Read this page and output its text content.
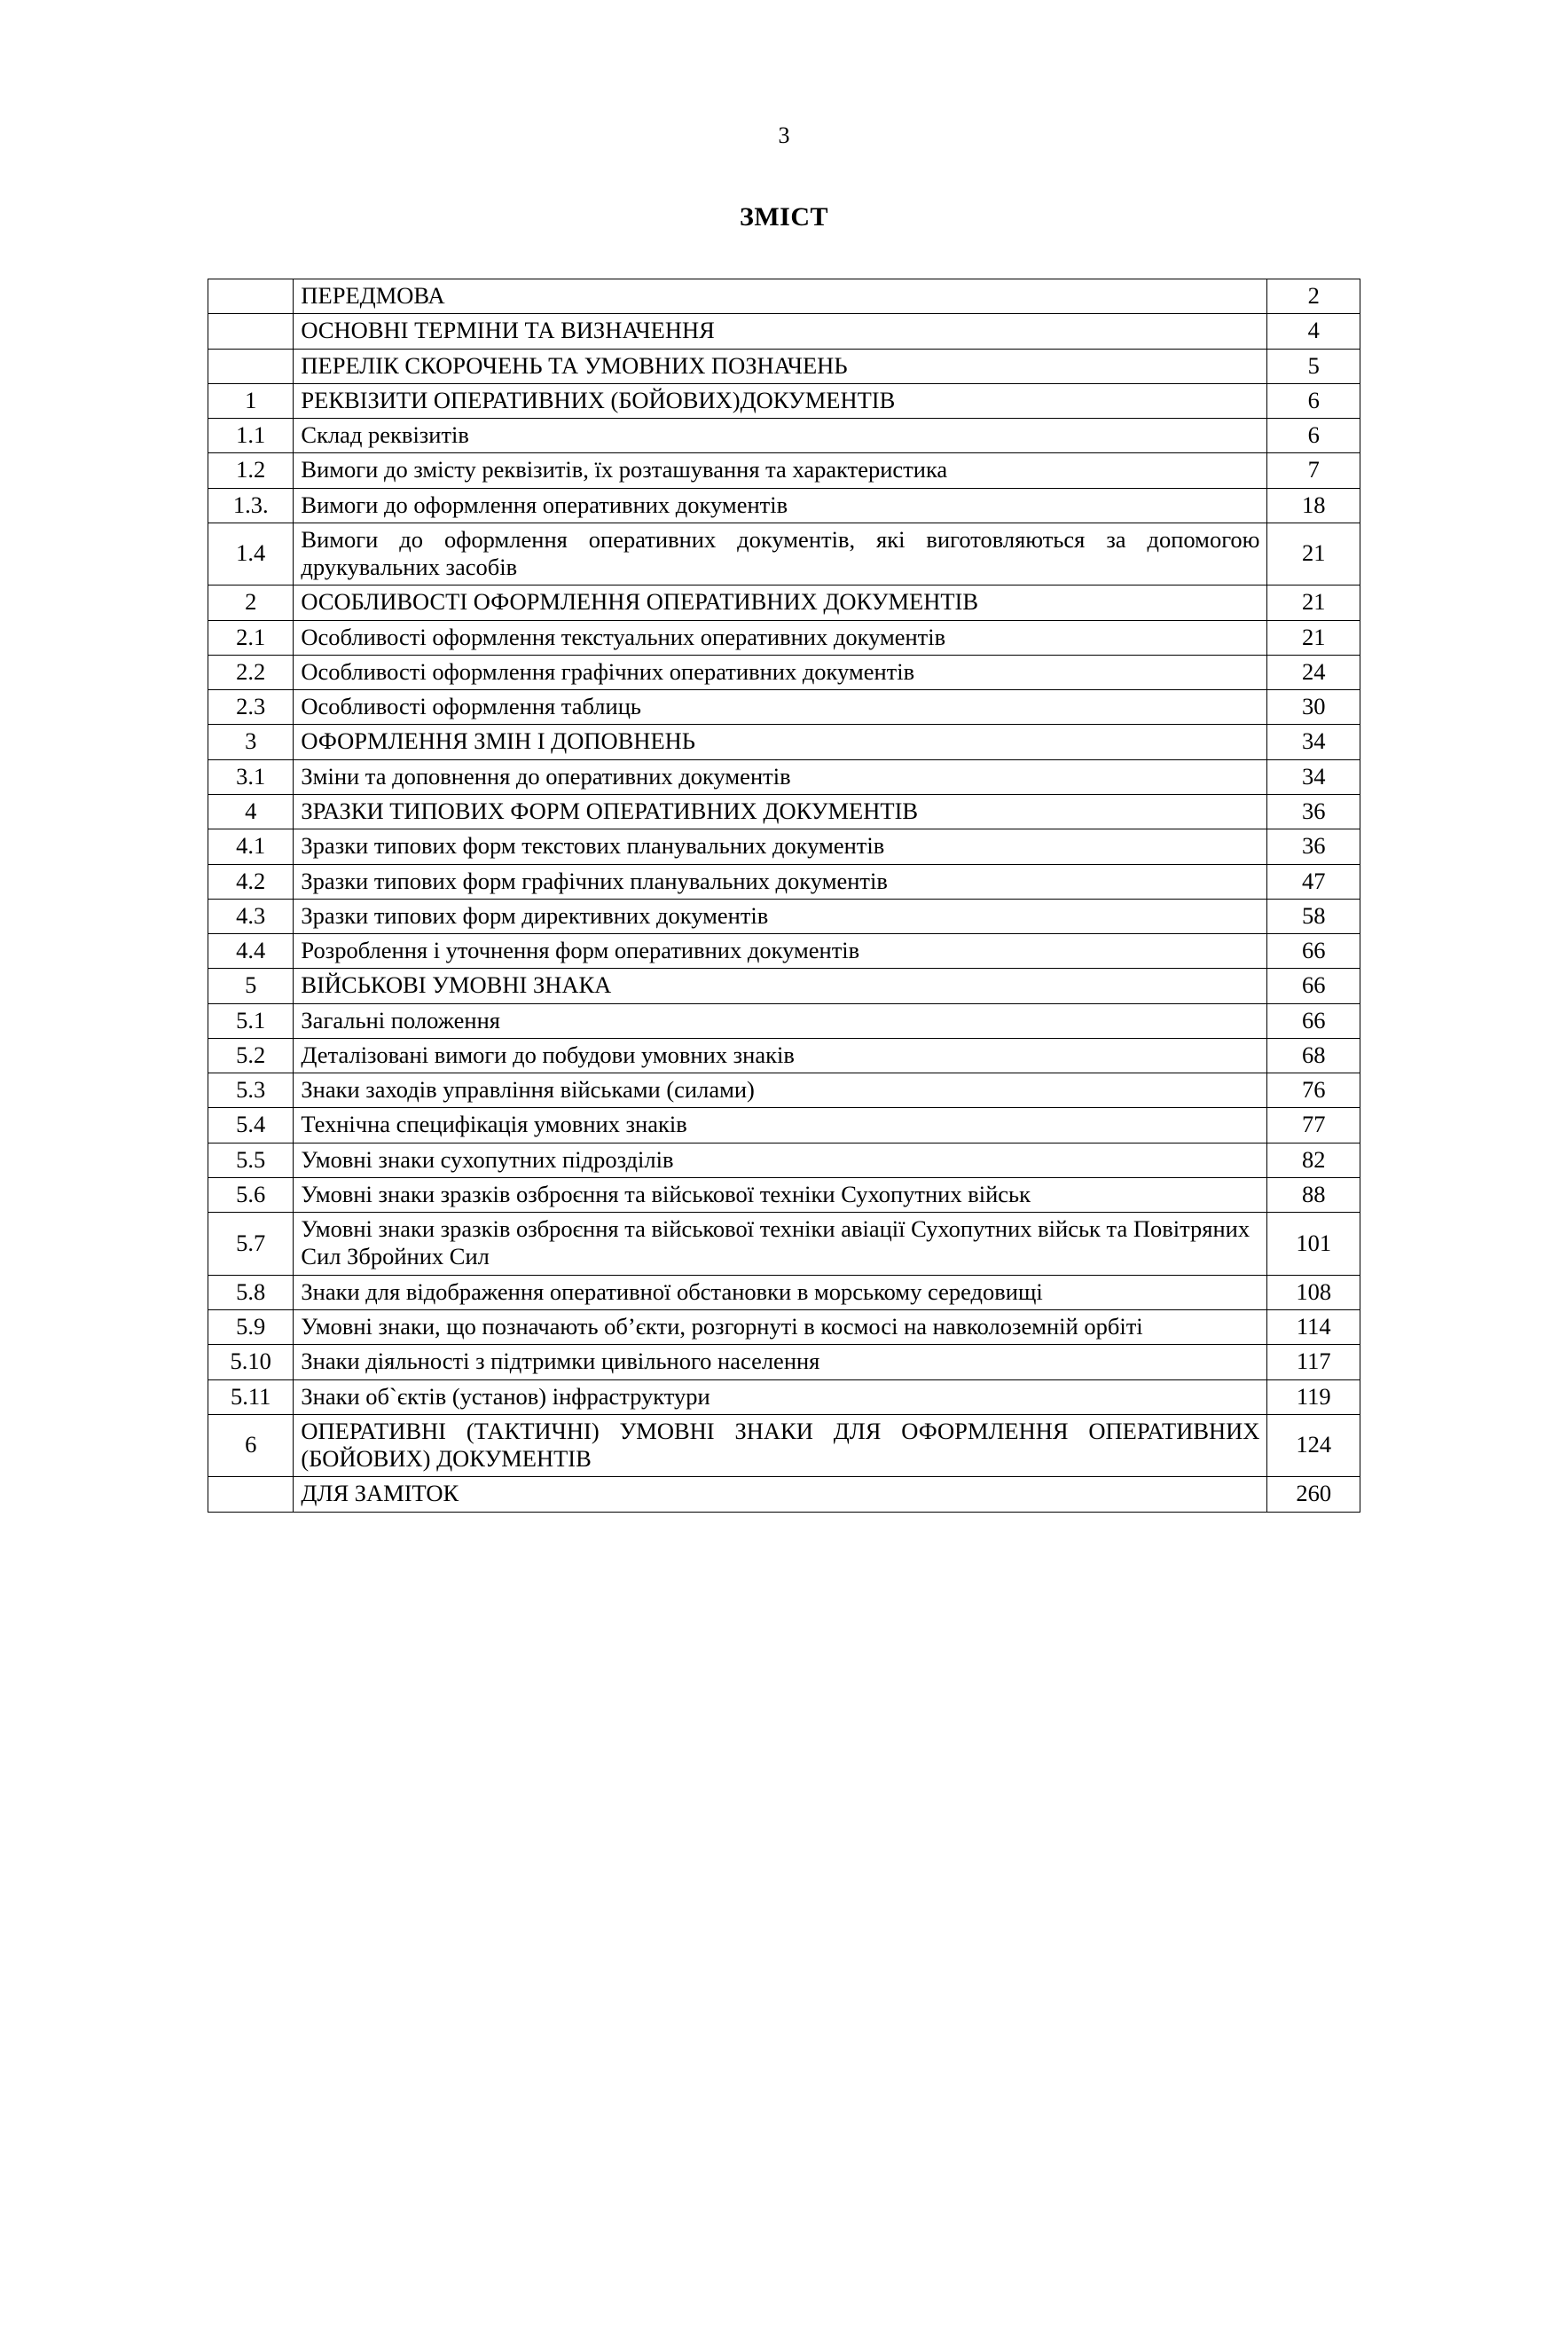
3
ЗМІСТ
	ПЕРЕДМОВА	2
	ОСНОВНІ ТЕРМІНИ ТА ВИЗНАЧЕННЯ	4
	ПЕРЕЛІК СКОРОЧЕНЬ ТА УМОВНИХ ПОЗНАЧЕНЬ	5
1	РЕКВІЗИТИ ОПЕРАТИВНИХ (БОЙОВИХ)ДОКУМЕНТІВ	6
1.1	Склад реквізитів	6
1.2	Вимоги до змісту реквізитів, їх розташування та характеристика	7
1.3.	Вимоги до оформлення оперативних документів	18
1.4	Вимоги до оформлення оперативних документів, які виготовляються за допомогою друкувальних засобів	21
2	ОСОБЛИВОСТІ ОФОРМЛЕННЯ ОПЕРАТИВНИХ ДОКУМЕНТІВ	21
2.1	Особливості оформлення текстуальних оперативних документів	21
2.2	Особливості оформлення графічних оперативних документів	24
2.3	Особливості оформлення таблиць	30
3	ОФОРМЛЕННЯ ЗМІН І ДОПОВНЕНЬ	34
3.1	Зміни та доповнення до оперативних документів	34
4	ЗРАЗКИ ТИПОВИХ ФОРМ ОПЕРАТИВНИХ ДОКУМЕНТІВ	36
4.1	Зразки типових форм текстових планувальних документів	36
4.2	Зразки типових форм графічних планувальних документів	47
4.3	Зразки типових форм директивних документів	58
4.4	Розроблення і уточнення форм оперативних документів	66
5	ВІЙСЬКОВІ УМОВНІ ЗНАКА	66
5.1	Загальні положення	66
5.2	Деталізовані вимоги до побудови умовних знаків	68
5.3	Знаки заходів управління військами (силами)	76
5.4	Технічна специфікація умовних знаків	77
5.5	Умовні знаки сухопутних підрозділів	82
5.6	Умовні знаки зразків озброєння та військової техніки Сухопутних військ	88
5.7	Умовні знаки зразків озброєння та військової техніки авіації Сухопутних військ та Повітряних Сил Збройних Сил	101
5.8	Знаки для відображення оперативної обстановки в морському середовищі	108
5.9	Умовні знаки, що позначають об’єкти, розгорнуті в космосі на навколоземній орбіті	114
5.10	Знаки діяльності з підтримки цивільного населення	117
5.11	Знаки об`єктів (установ) інфраструктури	119
6	ОПЕРАТИВНІ (ТАКТИЧНІ) УМОВНІ ЗНАКИ ДЛЯ ОФОРМЛЕННЯ ОПЕРАТИВНИХ (БОЙОВИХ) ДОКУМЕНТІВ	124
	ДЛЯ ЗАМІТОК	260
